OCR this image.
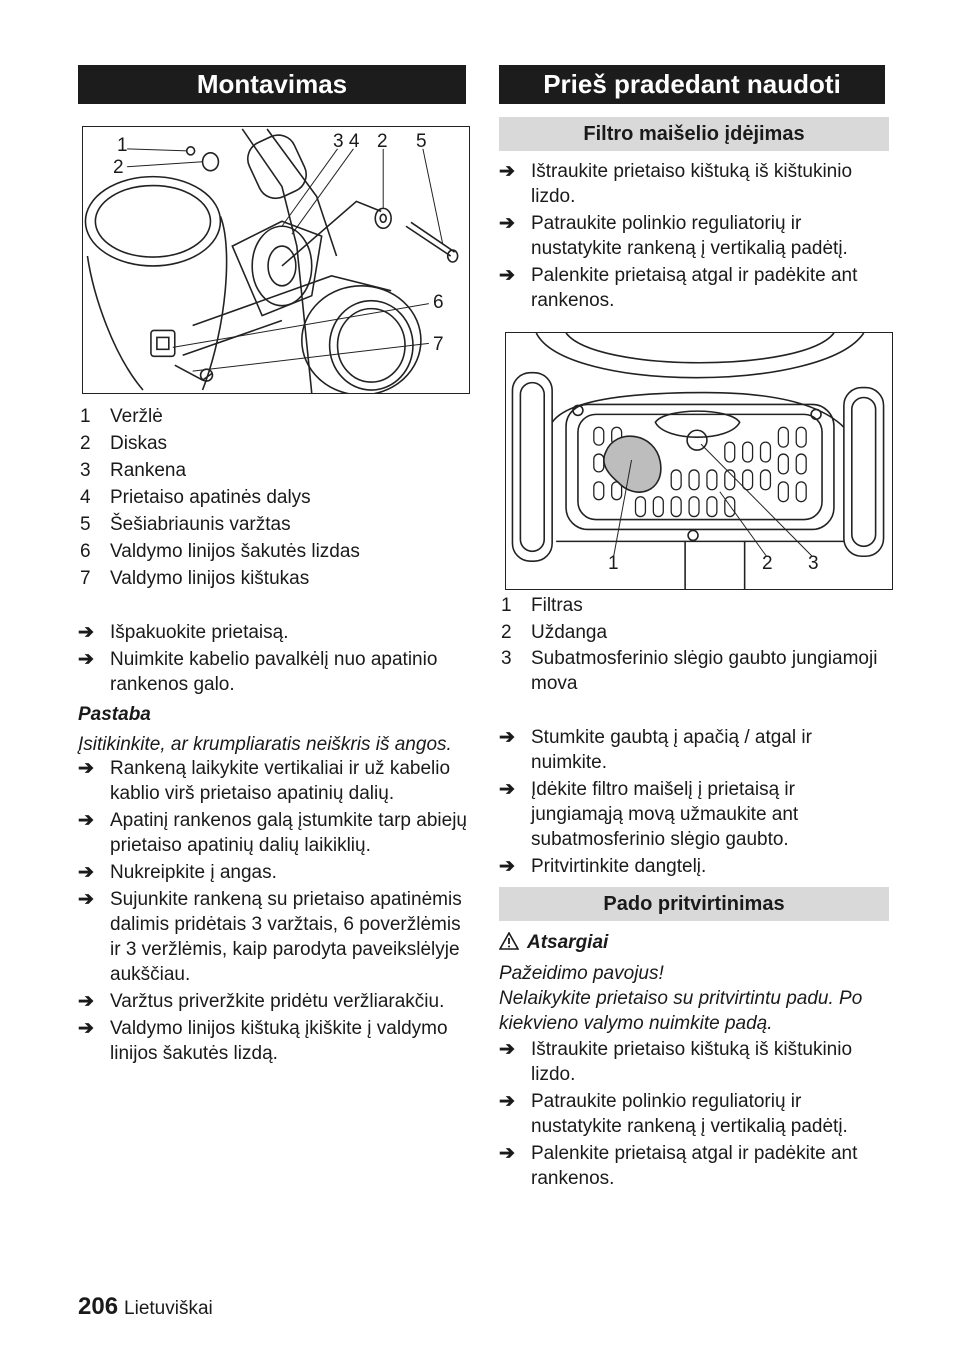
Montavimas
1
2
3 4 2 5
6
7
1 Veržlė
2 Diskas
3 Rankena
4 Prietaiso apatinės dalys
5 Šešiabriaunis varžtas
6 Valdymo linijos šakutės lizdas
7 Valdymo linijos kištukas
➔ Išpakuokite prietaisą.
➔ Nuimkite kabelio pavalkėlį nuo apatinio rankenos galo.
Pastaba
Įsitikinkite, ar krumpliaratis neiškris iš angos.
➔ Rankeną laikykite vertikaliai ir už kabelio kablio virš prietaiso apatinių dalių.
➔ Apatinį rankenos galą įstumkite tarp abiejų prietaiso apatinių dalių laikiklių.
➔ Nukreipkite į angas.
➔ Sujunkite rankeną su prietaiso apatinėmis dalimis pridėtais 3 varžtais, 6 poveržlėmis ir 3 veržlėmis, kaip parodyta paveikslėlyje aukščiau.
➔ Varžtus priveržkite pridėtu veržliarakčiu.
➔ Valdymo linijos kištuką įkiškite į valdymo linijos šakutės lizdą.
Prieš pradedant naudoti
Filtro maišelio įdėjimas
➔ Ištraukite prietaiso kištuką iš kištukinio lizdo.
➔ Patraukite polinkio reguliatorių ir nustatykite rankeną į vertikalią padėtį.
➔ Palenkite prietaisą atgal ir padėkite ant rankenos.
1	2 3
1 Filtras
2 Uždanga
3 Subatmosferinio slėgio gaubto jungiamoji mova
➔ Stumkite gaubtą į apačią / atgal ir nuimkite.
➔ Įdėkite filtro maišelį į prietaisą ir jungiamąją movą užmaukite ant subatmosferinio slėgio gaubto.
➔ Pritvirtinkite dangtelį.
Pado pritvirtinimas
Atsargiai
Pažeidimo pavojus!
Nelaikykite prietaiso su pritvirtintu padu. Po kiekvieno valymo nuimkite padą.
➔ Ištraukite prietaiso kištuką iš kištukinio lizdo.
➔ Patraukite polinkio reguliatorių ir nustatykite rankeną į vertikalią padėtį.
➔ Palenkite prietaisą atgal ir padėkite ant rankenos.
206 Lietuviškai
